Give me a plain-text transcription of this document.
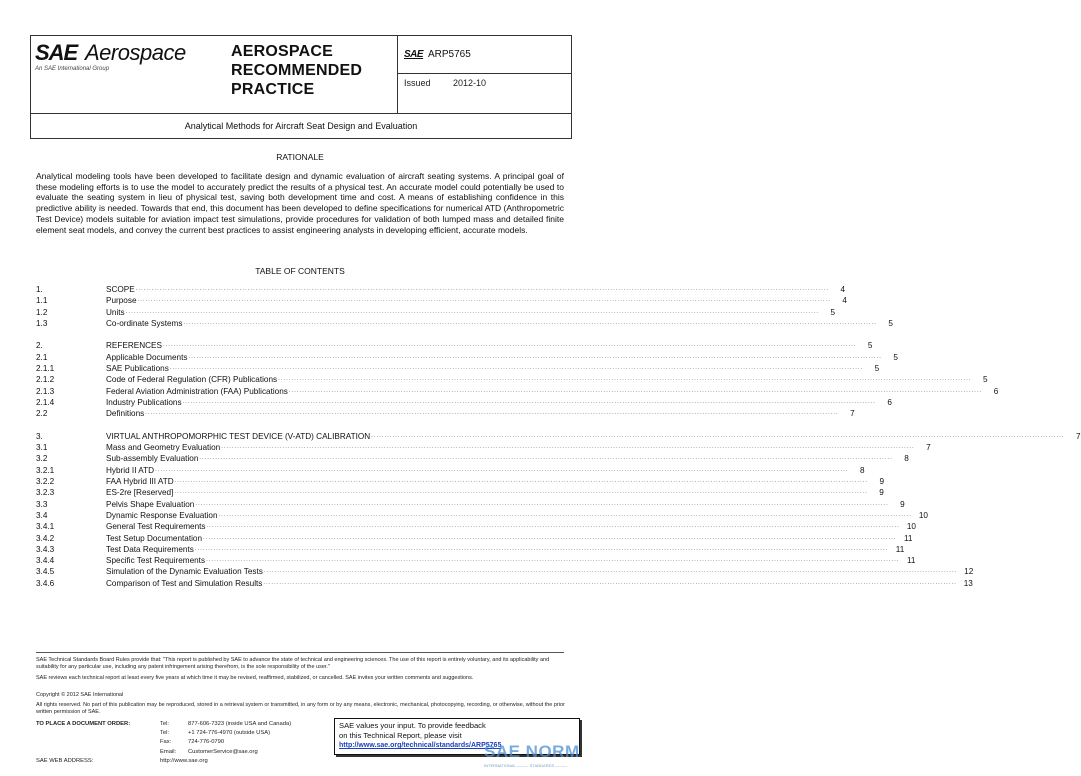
SAE Aerospace
An SAE International Group
AEROSPACE
RECOMMENDED
PRACTICE
SAE ARP5765
Issued 2012-10
Analytical Methods for Aircraft Seat Design and Evaluation
RATIONALE
Analytical modeling tools have been developed to facilitate design and dynamic evaluation of aircraft seating systems. A principal goal of these modeling efforts is to use the model to accurately predict the results of a physical test. An accurate model could potentially be used to evaluate the seating system in lieu of physical test, saving both development time and cost. A means of establishing confidence in this predictive ability is needed. Towards that end, this document has been developed to define specifications for numerical ATD (Anthropometric Test Device) models suitable for aviation impact test simulations, provide procedures for validation of both lumped mass and detailed finite element seat models, and convey the current best practices to assist engineering analysts in developing efficient, accurate models.
TABLE OF CONTENTS
1.	SCOPE ....................................................................................................................................................................................................................................................................	4
1.1	Purpose ....................................................................................................................................................................................................................................................................	4
1.2	Units ....................................................................................................................................................................................................................................................................	5
1.3	Co-ordinate Systems ....................................................................................................................................................................................................................................................................	5
2.	REFERENCES ....................................................................................................................................................................................................................................................................	5
2.1	Applicable Documents ....................................................................................................................................................................................................................................................................	5
2.1.1	SAE Publications ....................................................................................................................................................................................................................................................................	5
2.1.2	Code of Federal Regulation (CFR) Publications ....................................................................................................................................................................................................................................................................	5
2.1.3	Federal Aviation Administration (FAA) Publications ....................................................................................................................................................................................................................................................................	6
2.1.4	Industry Publications ....................................................................................................................................................................................................................................................................	6
2.2	Definitions ....................................................................................................................................................................................................................................................................	7
3.	VIRTUAL ANTHROPOMORPHIC TEST DEVICE (V-ATD) CALIBRATION ....................................................................................................................................................................................................................................................................	7
3.1	Mass and Geometry Evaluation ....................................................................................................................................................................................................................................................................	7
3.2	Sub-assembly Evaluation ....................................................................................................................................................................................................................................................................	8
3.2.1	Hybrid II ATD ....................................................................................................................................................................................................................................................................	8
3.2.2	FAA Hybrid III ATD ....................................................................................................................................................................................................................................................................	9
3.2.3	ES-2re [Reserved] ....................................................................................................................................................................................................................................................................	9
3.3	Pelvis Shape Evaluation ....................................................................................................................................................................................................................................................................	9
3.4	Dynamic Response Evaluation .................................................................................................................................................................................................................................................................... 10
3.4.1	General Test Requirements .................................................................................................................................................................................................................................................................... 10
3.4.2	Test Setup Documentation .................................................................................................................................................................................................................................................................... 11
3.4.3	Test Data Requirements .................................................................................................................................................................................................................................................................... 11
3.4.4	Specific Test Requirements .................................................................................................................................................................................................................................................................... 11
3.4.5	Simulation of the Dynamic Evaluation Tests .................................................................................................................................................................................................................................................................... 12
3.4.6	Comparison of Test and Simulation Results .................................................................................................................................................................................................................................................................... 13
SAE Technical Standards Board Rules provide that: "This report is published by SAE to advance the state of technical and engineering sciences. The use of this report is entirely voluntary, and its applicability and suitability for any particular use, including any patent infringement arising therefrom, is the sole responsibility of the user."
SAE reviews each technical report at least every five years at which time it may be revised, reaffirmed, stabilized, or cancelled. SAE invites your written comments and suggestions.
Copyright © 2012 SAE International
All rights reserved. No part of this publication may be reproduced, stored in a retrieval system or transmitted, in any form or by any means, electronic, mechanical, photocopying, recording, or otherwise, without the prior written permission of SAE.
TO PLACE A DOCUMENT ORDER:	Tel:	877-606-7323 (inside USA and Canada)
Tel:	+1 724-776-4970 (outside USA)
Fax:	724-776-0790
Email: CustomerService@sae.org
SAE WEB ADDRESS:	http://www.sae.org
SAE values your input. To provide feedback
on this Technical Report, please visit
http://www.sae.org/technical/standards/ARP5765
SAE NORM
INTERNATIONAL ——— STANDARDS ———
